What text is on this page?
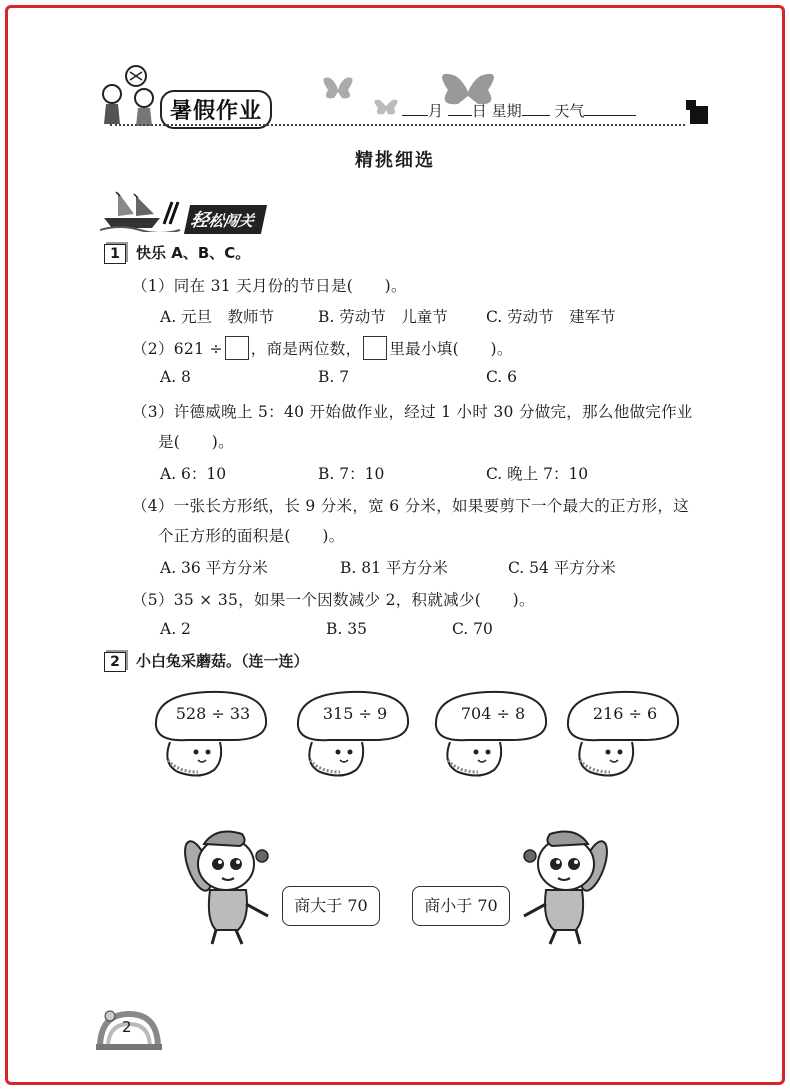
暑假作业	月 日 星期 天气
精挑细选
轻松闯关
1 快乐 A、B、C。
（1）同在 31 天月份的节日是(　　)。
A. 元旦　教师节	B. 劳动节　儿童节 C. 劳动节　建军节
（2）621 ÷ ，商是两位数， 里最小填(　　)。
A. 8	B. 7	C. 6
（3）许德威晚上 5：40 开始做作业，经过 1 小时 30 分做完，那么他做完作业
是(　　)。
A. 6：10	B. 7：10	C. 晚上 7：10
（4）一张长方形纸，长 9 分米，宽 6 分米，如果要剪下一个最大的正方形，这
个正方形的面积是(　　)。
A. 36 平方分米	B. 81 平方分米	C. 54 平方分米
（5）35 × 35，如果一个因数减少 2，积就减少(　　)。
A. 2	B. 35	C. 70
2 小白兔采蘑菇。（连一连）
528 ÷ 33	315 ÷ 9	704 ÷ 8	216 ÷ 6
商大于 70	商小于 70
2
